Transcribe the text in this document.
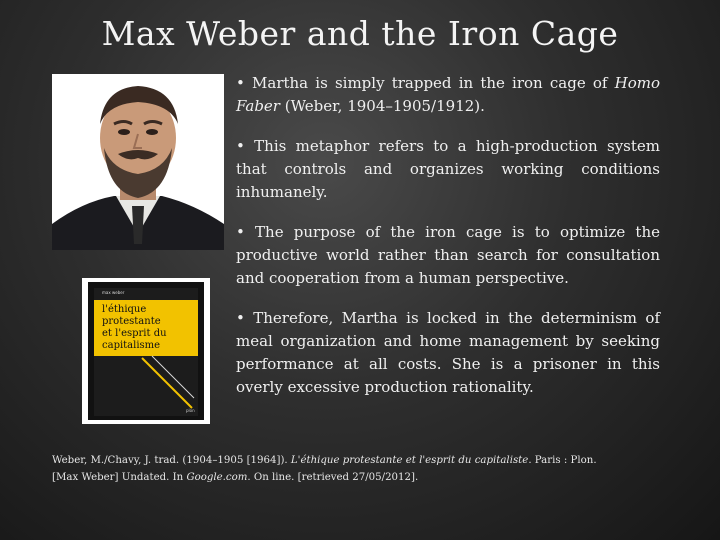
Max Weber and the Iron Cage
max weber
l'éthique
protestante
et l'esprit du
capitalisme
plon

• Martha is simply trapped in the iron cage of Homo Faber (Weber, 1904–1905/1912).

• This metaphor refers to a high-production system that controls and organizes working conditions inhumanely.

• The purpose of the iron cage is to optimize the productive world rather than search for consultation and cooperation from a human perspective.

• Therefore, Martha is locked in the determinism of meal organization and home management by seeking performance at all costs. She is a prisoner in this overly excessive production rationality.

Weber, M./Chavy, J. trad. (1904–1905 [1964]). L'éthique protestante et l'esprit du capitaliste. Paris : Plon.
[Max Weber] Undated. In Google.com. On line. [retrieved 27/05/2012].
